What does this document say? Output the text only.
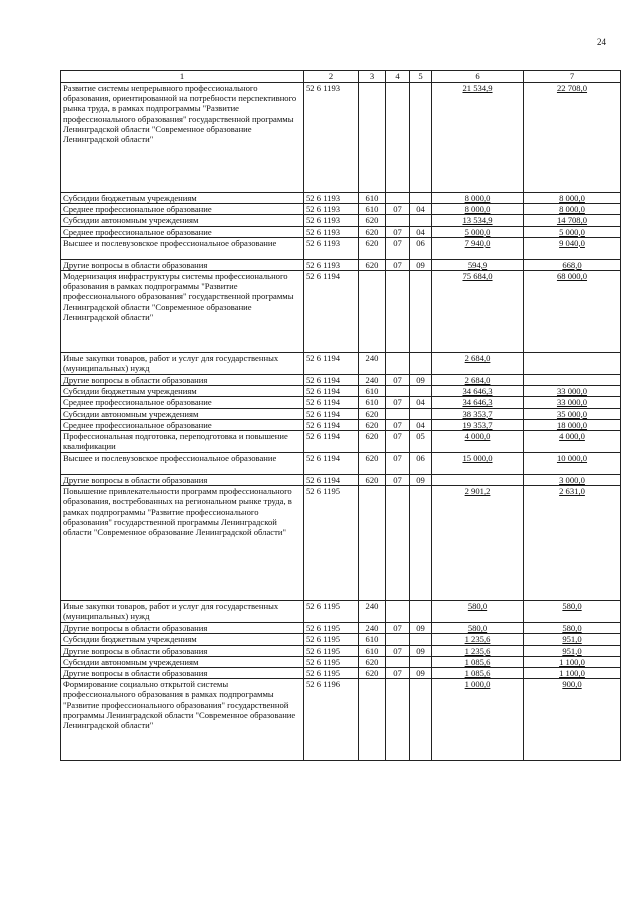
24
1	2	3	4	5	6	7
Развитие системы непрерывного профессионального образования, ориентированной на потребности перспективного рынка труда, в рамках подпрограммы "Развитие профессионального образования" государственной программы Ленинградской области "Современное образование Ленинградской области"	52 6 1193				21 534,9	22 708,0
Субсидии бюджетным учреждениям	52 6 1193	610			8 000,0	8 000,0
Среднее профессиональное образование	52 6 1193	610	07	04	8 000,0	8 000,0
Субсидии автономным учреждениям	52 6 1193	620			13 534,9	14 708,0
Среднее профессиональное образование	52 6 1193	620	07	04	5 000,0	5 000,0
Высшее и послевузовское профессиональное образование	52 6 1193	620	07	06	7 940,0	9 040,0
Другие вопросы в области образования	52 6 1193	620	07	09	594,9	668,0
Модернизация инфраструктуры системы профессионального образования в рамках подпрограммы "Развитие профессионального образования" государственной программы Ленинградской области "Современное образование Ленинградской области"	52 6 1194				75 684,0	68 000,0
Иные закупки товаров, работ и услуг для государственных (муниципальных) нужд	52 6 1194	240			2 684,0	
Другие вопросы в области образования	52 6 1194	240	07	09	2 684,0	
Субсидии бюджетным учреждениям	52 6 1194	610			34 646,3	33 000,0
Среднее профессиональное образование	52 6 1194	610	07	04	34 646,3	33 000,0
Субсидии автономным учреждениям	52 6 1194	620			38 353,7	35 000,0
Среднее профессиональное образование	52 6 1194	620	07	04	19 353,7	18 000,0
Профессиональная подготовка, переподготовка и повышение квалификации	52 6 1194	620	07	05	4 000,0	4 000,0
Высшее и послевузовское профессиональное образование	52 6 1194	620	07	06	15 000,0	10 000,0
Другие вопросы в области образования	52 6 1194	620	07	09		3 000,0
Повышение привлекательности программ профессионального образования, востребованных на региональном рынке труда, в рамках подпрограммы "Развитие профессионального образования" государственной программы Ленинградской области "Современное образование Ленинградской области"	52 6 1195				2 901,2	2 631,0
Иные закупки товаров, работ и услуг для государственных (муниципальных) нужд	52 6 1195	240			580,0	580,0
Другие вопросы в области образования	52 6 1195	240	07	09	580,0	580,0
Субсидии бюджетным учреждениям	52 6 1195	610			1 235,6	951,0
Другие вопросы в области образования	52 6 1195	610	07	09	1 235,6	951,0
Субсидии автономным учреждениям	52 6 1195	620			1 085,6	1 100,0
Другие вопросы в области образования	52 6 1195	620	07	09	1 085,6	1 100,0
Формирование социально открытой системы профессионального образования в рамках подпрограммы "Развитие профессионального образования" государственной программы Ленинградской области "Современное образование Ленинградской области"	52 6 1196				1 000,0	900,0
